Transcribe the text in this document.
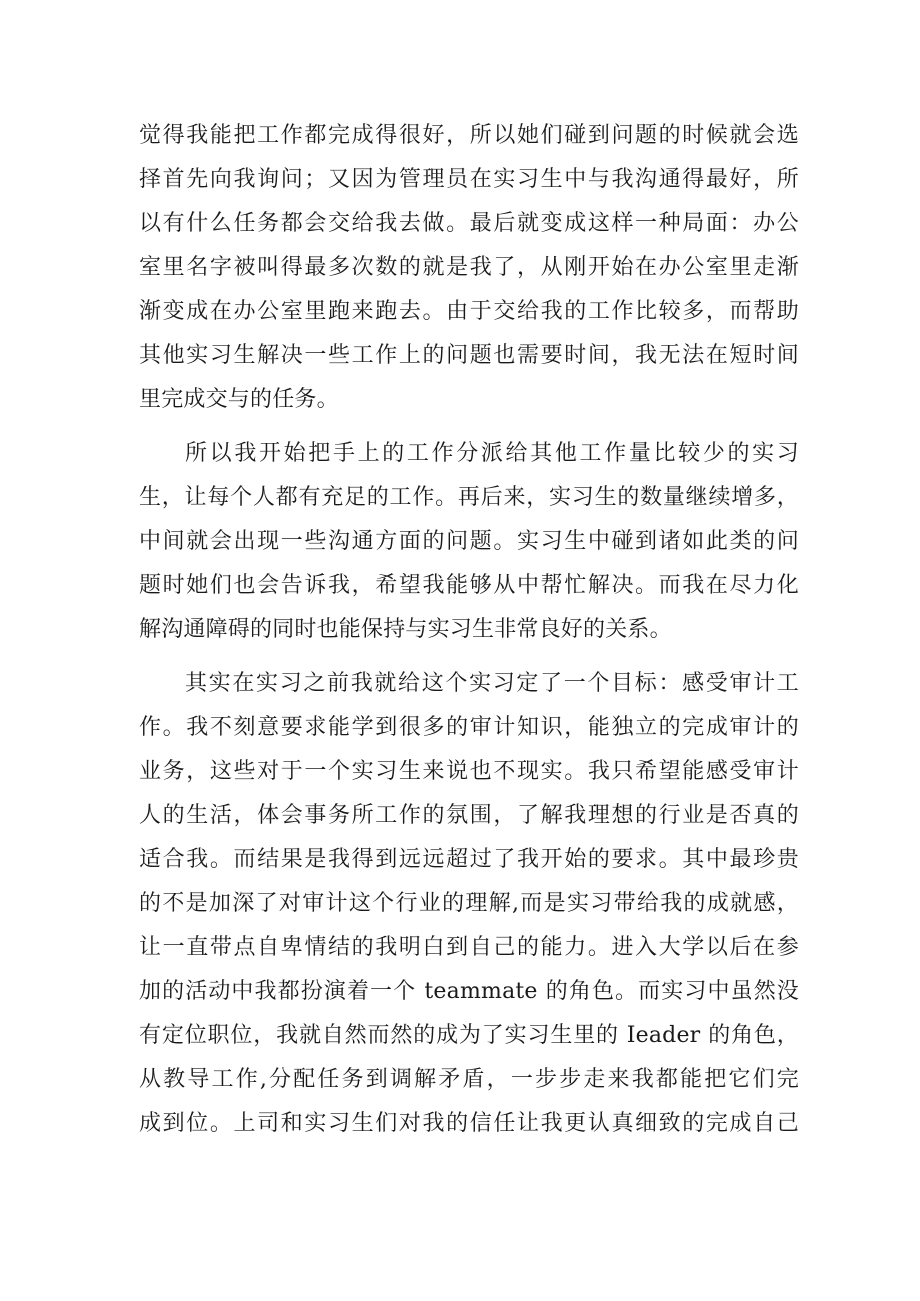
觉得我能把工作都完成得很好，所以她们碰到问题的时候就会选
择首先向我询问；又因为管理员在实习生中与我沟通得最好，所
以有什么任务都会交给我去做。最后就变成这样一种局面：办公
室里名字被叫得最多次数的就是我了，从刚开始在办公室里走渐
渐变成在办公室里跑来跑去。由于交给我的工作比较多，而帮助
其他实习生解决一些工作上的问题也需要时间，我无法在短时间
里完成交与的任务。
所以我开始把手上的工作分派给其他工作量比较少的实习
生，让每个人都有充足的工作。再后来，实习生的数量继续增多，
中间就会出现一些沟通方面的问题。实习生中碰到诸如此类的问
题时她们也会告诉我，希望我能够从中帮忙解决。而我在尽力化
解沟通障碍的同时也能保持与实习生非常良好的关系。
其实在实习之前我就给这个实习定了一个目标：感受审计工
作。我不刻意要求能学到很多的审计知识，能独立的完成审计的
业务，这些对于一个实习生来说也不现实。我只希望能感受审计
人的生活，体会事务所工作的氛围，了解我理想的行业是否真的
适合我。而结果是我得到远远超过了我开始的要求。其中最珍贵
的不是加深了对审计这个行业的理解,而是实习带给我的成就感，
让一直带点自卑情结的我明白到自己的能力。进入大学以后在参
加的活动中我都扮演着一个 teammate 的角色。而实习中虽然没
有定位职位，我就自然而然的成为了实习生里的 Ieader 的角色，
从教导工作,分配任务到调解矛盾，一步步走来我都能把它们完
成到位。上司和实习生们对我的信任让我更认真细致的完成自己
